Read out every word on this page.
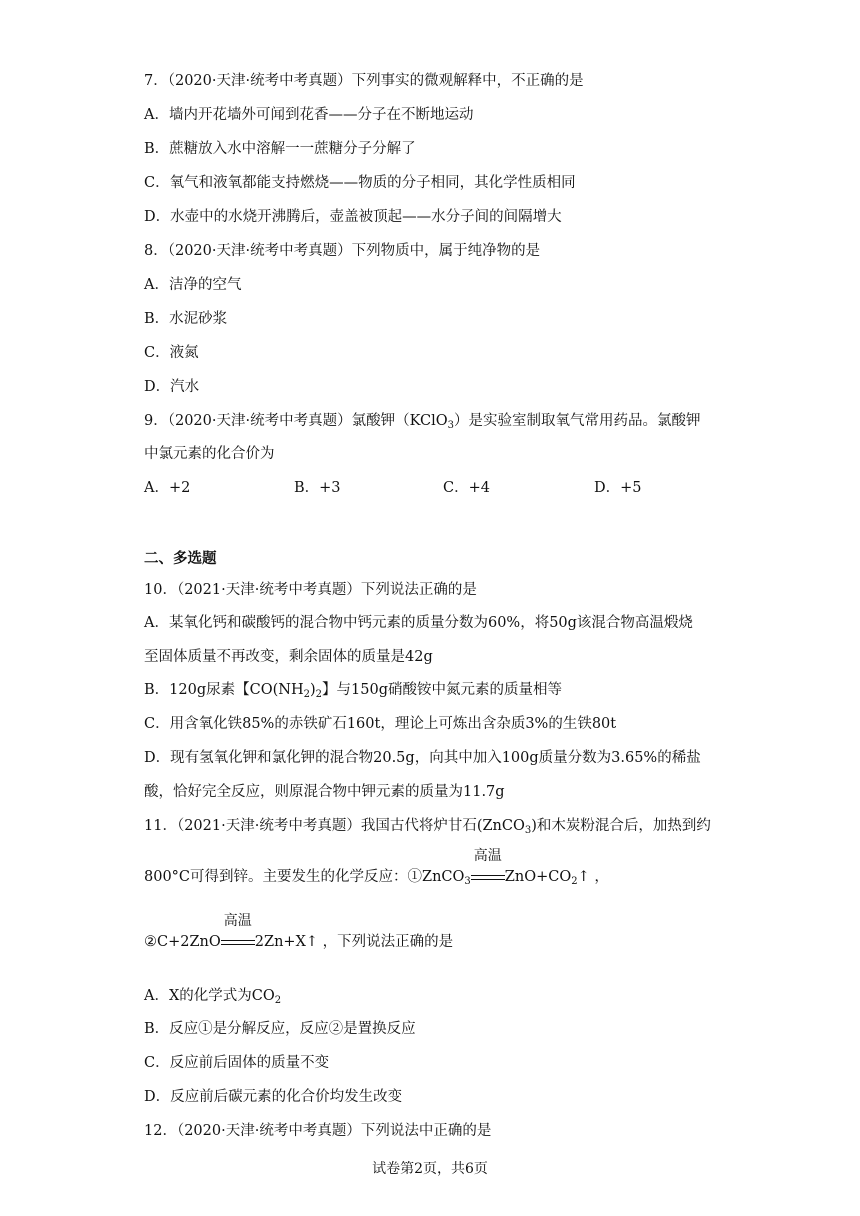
7．（2020·天津·统考中考真题）下列事实的微观解释中，不正确的是
A．墙内开花墙外可闻到花香——分子在不断地运动
B．蔗糖放入水中溶解一一蔗糖分子分解了
C．氧气和液氧都能支持燃烧——物质的分子相同，其化学性质相同
D．水壶中的水烧开沸腾后，壶盖被顶起——水分子间的间隔增大
8．（2020·天津·统考中考真题）下列物质中，属于纯净物的是
A．洁净的空气
B．水泥砂浆
C．液氮
D．汽水
9．（2020·天津·统考中考真题）氯酸钾（KClO$_3$）是实验室制取氧气常用药品。氯酸钾
中氯元素的化合价为
A．+2	B．+3	C．+4	D．+5
二、多选题
10．（2021·天津·统考中考真题）下列说法正确的是
A．某氧化钙和碳酸钙的混合物中钙元素的质量分数为60%，将50g该混合物高温煅烧
至固体质量不再改变，剩余固体的质量是42g
B．120g尿素【$CO(NH_2)_2$】与150g硝酸铵中氮元素的质量相等
C．用含氧化铁85%的赤铁矿石160t，理论上可炼出含杂质3%的生铁80t
D．现有氢氧化钾和氯化钾的混合物20.5g，向其中加入100g质量分数为3.65%的稀盐
酸，恰好完全反应，则原混合物中钾元素的质量为11.7g
11．（2021·天津·统考中考真题）我国古代将炉甘石(ZnCO$_3$)和木炭粉混合后，加热到约
800°C可得到锌。主要发生的化学反应：①ZnCO$_3$
高温
$ZnO+CO_2↑$ ，
②C+2ZnO
高温
2Zn+X↑ ，下列说法正确的是
A．X的化学式为$CO_2$
B．反应①是分解反应，反应②是置换反应
C．反应前后固体的质量不变
D．反应前后碳元素的化合价均发生改变
12．（2020·天津·统考中考真题）下列说法中正确的是
试卷第2页，共6页
